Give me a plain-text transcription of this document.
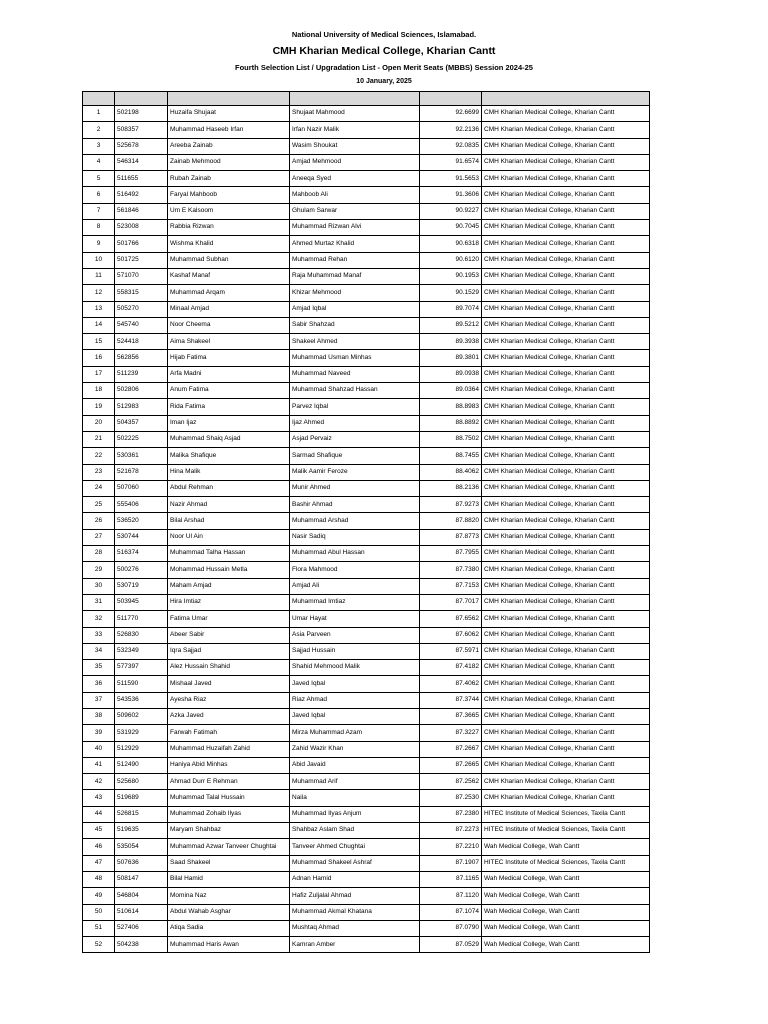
National University of Medical Sciences, Islamabad.
CMH Kharian Medical College, Kharian Cantt
Fourth Selection List / Upgradation List - Open Merit Seats (MBBS) Session 2024-25
10 January, 2025

1	502198	Huzaifa Shujaat	Shujaat Mahmood	92.6699	CMH Kharian Medical College, Kharian Cantt
2	508357	Muhammad Haseeb Irfan	Irfan Nazir Malik	92.2136	CMH Kharian Medical College, Kharian Cantt
3	525678	Areeba Zainab	Wasim Shoukat	92.0835	CMH Kharian Medical College, Kharian Cantt
4	546314	Zainab Mehmood	Amjad Mehmood	91.6574	CMH Kharian Medical College, Kharian Cantt
5	511655	Rubah Zainab	Aneeqa Syed	91.5653	CMH Kharian Medical College, Kharian Cantt
6	516492	Faryal Mahboob	Mahboob Ali	91.3606	CMH Kharian Medical College, Kharian Cantt
7	561846	Um E Kalsoom	Ghulam Sarwar	90.9227	CMH Kharian Medical College, Kharian Cantt
8	523008	Rabbia Rizwan	Muhammad Rizwan Alvi	90.7045	CMH Kharian Medical College, Kharian Cantt
9	501766	Wishma Khalid	Ahmed Murtaz Khalid	90.6318	CMH Kharian Medical College, Kharian Cantt
10	501725	Muhammad Subhan	Muhammad Rehan	90.6120	CMH Kharian Medical College, Kharian Cantt
11	571070	Kashaf Manaf	Raja Muhammad Manaf	90.1953	CMH Kharian Medical College, Kharian Cantt
12	558315	Muhammad Arqam	Khizar Mehmood	90.1529	CMH Kharian Medical College, Kharian Cantt
13	505270	Minaal Amjad	Amjad Iqbal	89.7074	CMH Kharian Medical College, Kharian Cantt
14	545740	Noor Cheema	Sabir Shahzad	89.5212	CMH Kharian Medical College, Kharian Cantt
15	524418	Aima Shakeel	Shakeel Ahmed	89.3938	CMH Kharian Medical College, Kharian Cantt
16	562856	Hijab Fatima	Muhammad Usman Minhas	89.3801	CMH Kharian Medical College, Kharian Cantt
17	511239	Arfa Madni	Muhammad Naveed	89.0938	CMH Kharian Medical College, Kharian Cantt
18	502806	Anum Fatima	Muhammad Shahzad Hassan	89.0364	CMH Kharian Medical College, Kharian Cantt
19	512983	Rida Fatima	Parvez Iqbal	88.8983	CMH Kharian Medical College, Kharian Cantt
20	504357	Iman Ijaz	Ijaz Ahmed	88.8892	CMH Kharian Medical College, Kharian Cantt
21	502225	Muhammad Shaiq Asjad	Asjad Pervaiz	88.7502	CMH Kharian Medical College, Kharian Cantt
22	530361	Malika Shafique	Sarmad Shafique	88.7455	CMH Kharian Medical College, Kharian Cantt
23	521678	Hina Malik	Malik Aamir Feroze	88.4062	CMH Kharian Medical College, Kharian Cantt
24	507060	Abdul Rehman	Munir Ahmed	88.2136	CMH Kharian Medical College, Kharian Cantt
25	555406	Nazir Ahmad	Bashir Ahmad	87.9273	CMH Kharian Medical College, Kharian Cantt
26	536520	Bilal Arshad	Muhammad Arshad	87.8820	CMH Kharian Medical College, Kharian Cantt
27	530744	Noor Ul Ain	Nasir Sadiq	87.8773	CMH Kharian Medical College, Kharian Cantt
28	516374	Muhammad Talha Hassan	Muhammad Abul Hassan	87.7955	CMH Kharian Medical College, Kharian Cantt
29	500276	Mohammad Hussain Metla	Flora Mahmood	87.7380	CMH Kharian Medical College, Kharian Cantt
30	530719	Maham Amjad	Amjad Ali	87.7153	CMH Kharian Medical College, Kharian Cantt
31	503945	Hira Imtiaz	Muhammad Imtiaz	87.7017	CMH Kharian Medical College, Kharian Cantt
32	511770	Fatima Umar	Umar Hayat	87.6562	CMH Kharian Medical College, Kharian Cantt
33	526830	Abeer Sabir	Asia Parveen	87.6062	CMH Kharian Medical College, Kharian Cantt
34	532349	Iqra Sajjad	Sajjad Hussain	87.5971	CMH Kharian Medical College, Kharian Cantt
35	577397	Alez Hussain Shahid	Shahid Mehmood Malik	87.4182	CMH Kharian Medical College, Kharian Cantt
36	511590	Mishaal Javed	Javed Iqbal	87.4062	CMH Kharian Medical College, Kharian Cantt
37	543536	Ayesha Riaz	Riaz Ahmad	87.3744	CMH Kharian Medical College, Kharian Cantt
38	509602	Azka Javed	Javed Iqbal	87.3665	CMH Kharian Medical College, Kharian Cantt
39	531929	Farwah Fatimah	Mirza Muhammad Azam	87.3227	CMH Kharian Medical College, Kharian Cantt
40	512929	Muhammad Huzaifah Zahid	Zahid Wazir Khan	87.2667	CMH Kharian Medical College, Kharian Cantt
41	512490	Haniya Abid Minhas	Abid Javaid	87.2665	CMH Kharian Medical College, Kharian Cantt
42	525680	Ahmad Durr E Rehman	Muhammad Arif	87.2562	CMH Kharian Medical College, Kharian Cantt
43	519689	Muhammad Talal Hussain	Naila	87.2530	CMH Kharian Medical College, Kharian Cantt
44	526815	Muhammad Zohaib Ilyas	Muhammad Ilyas Anjum	87.2380	HITEC Institute of Medical Sciences, Taxila Cantt
45	519635	Maryam Shahbaz	Shahbaz Aslam Shad	87.2273	HITEC Institute of Medical Sciences, Taxila Cantt
46	535054	Muhammad Azwar Tanveer Chughtai	Tanveer Ahmed Chughtai	87.2210	Wah Medical College, Wah Cantt
47	507636	Saad Shakeel	Muhammad Shakeel Ashraf	87.1907	HITEC Institute of Medical Sciences, Taxila Cantt
48	508147	Bilal Hamid	Adnan Hamid	87.1165	Wah Medical College, Wah Cantt
49	546804	Momina Naz	Hafiz Zuljalal Ahmad	87.1120	Wah Medical College, Wah Cantt
50	510614	Abdul Wahab Asghar	Muhammad Akmal Khatana	87.1074	Wah Medical College, Wah Cantt
51	527406	Atiqa Sadia	Mushtaq Ahmad	87.0790	Wah Medical College, Wah Cantt
52	504238	Muhammad Haris Awan	Kamran Amber	87.0529	Wah Medical College, Wah Cantt
